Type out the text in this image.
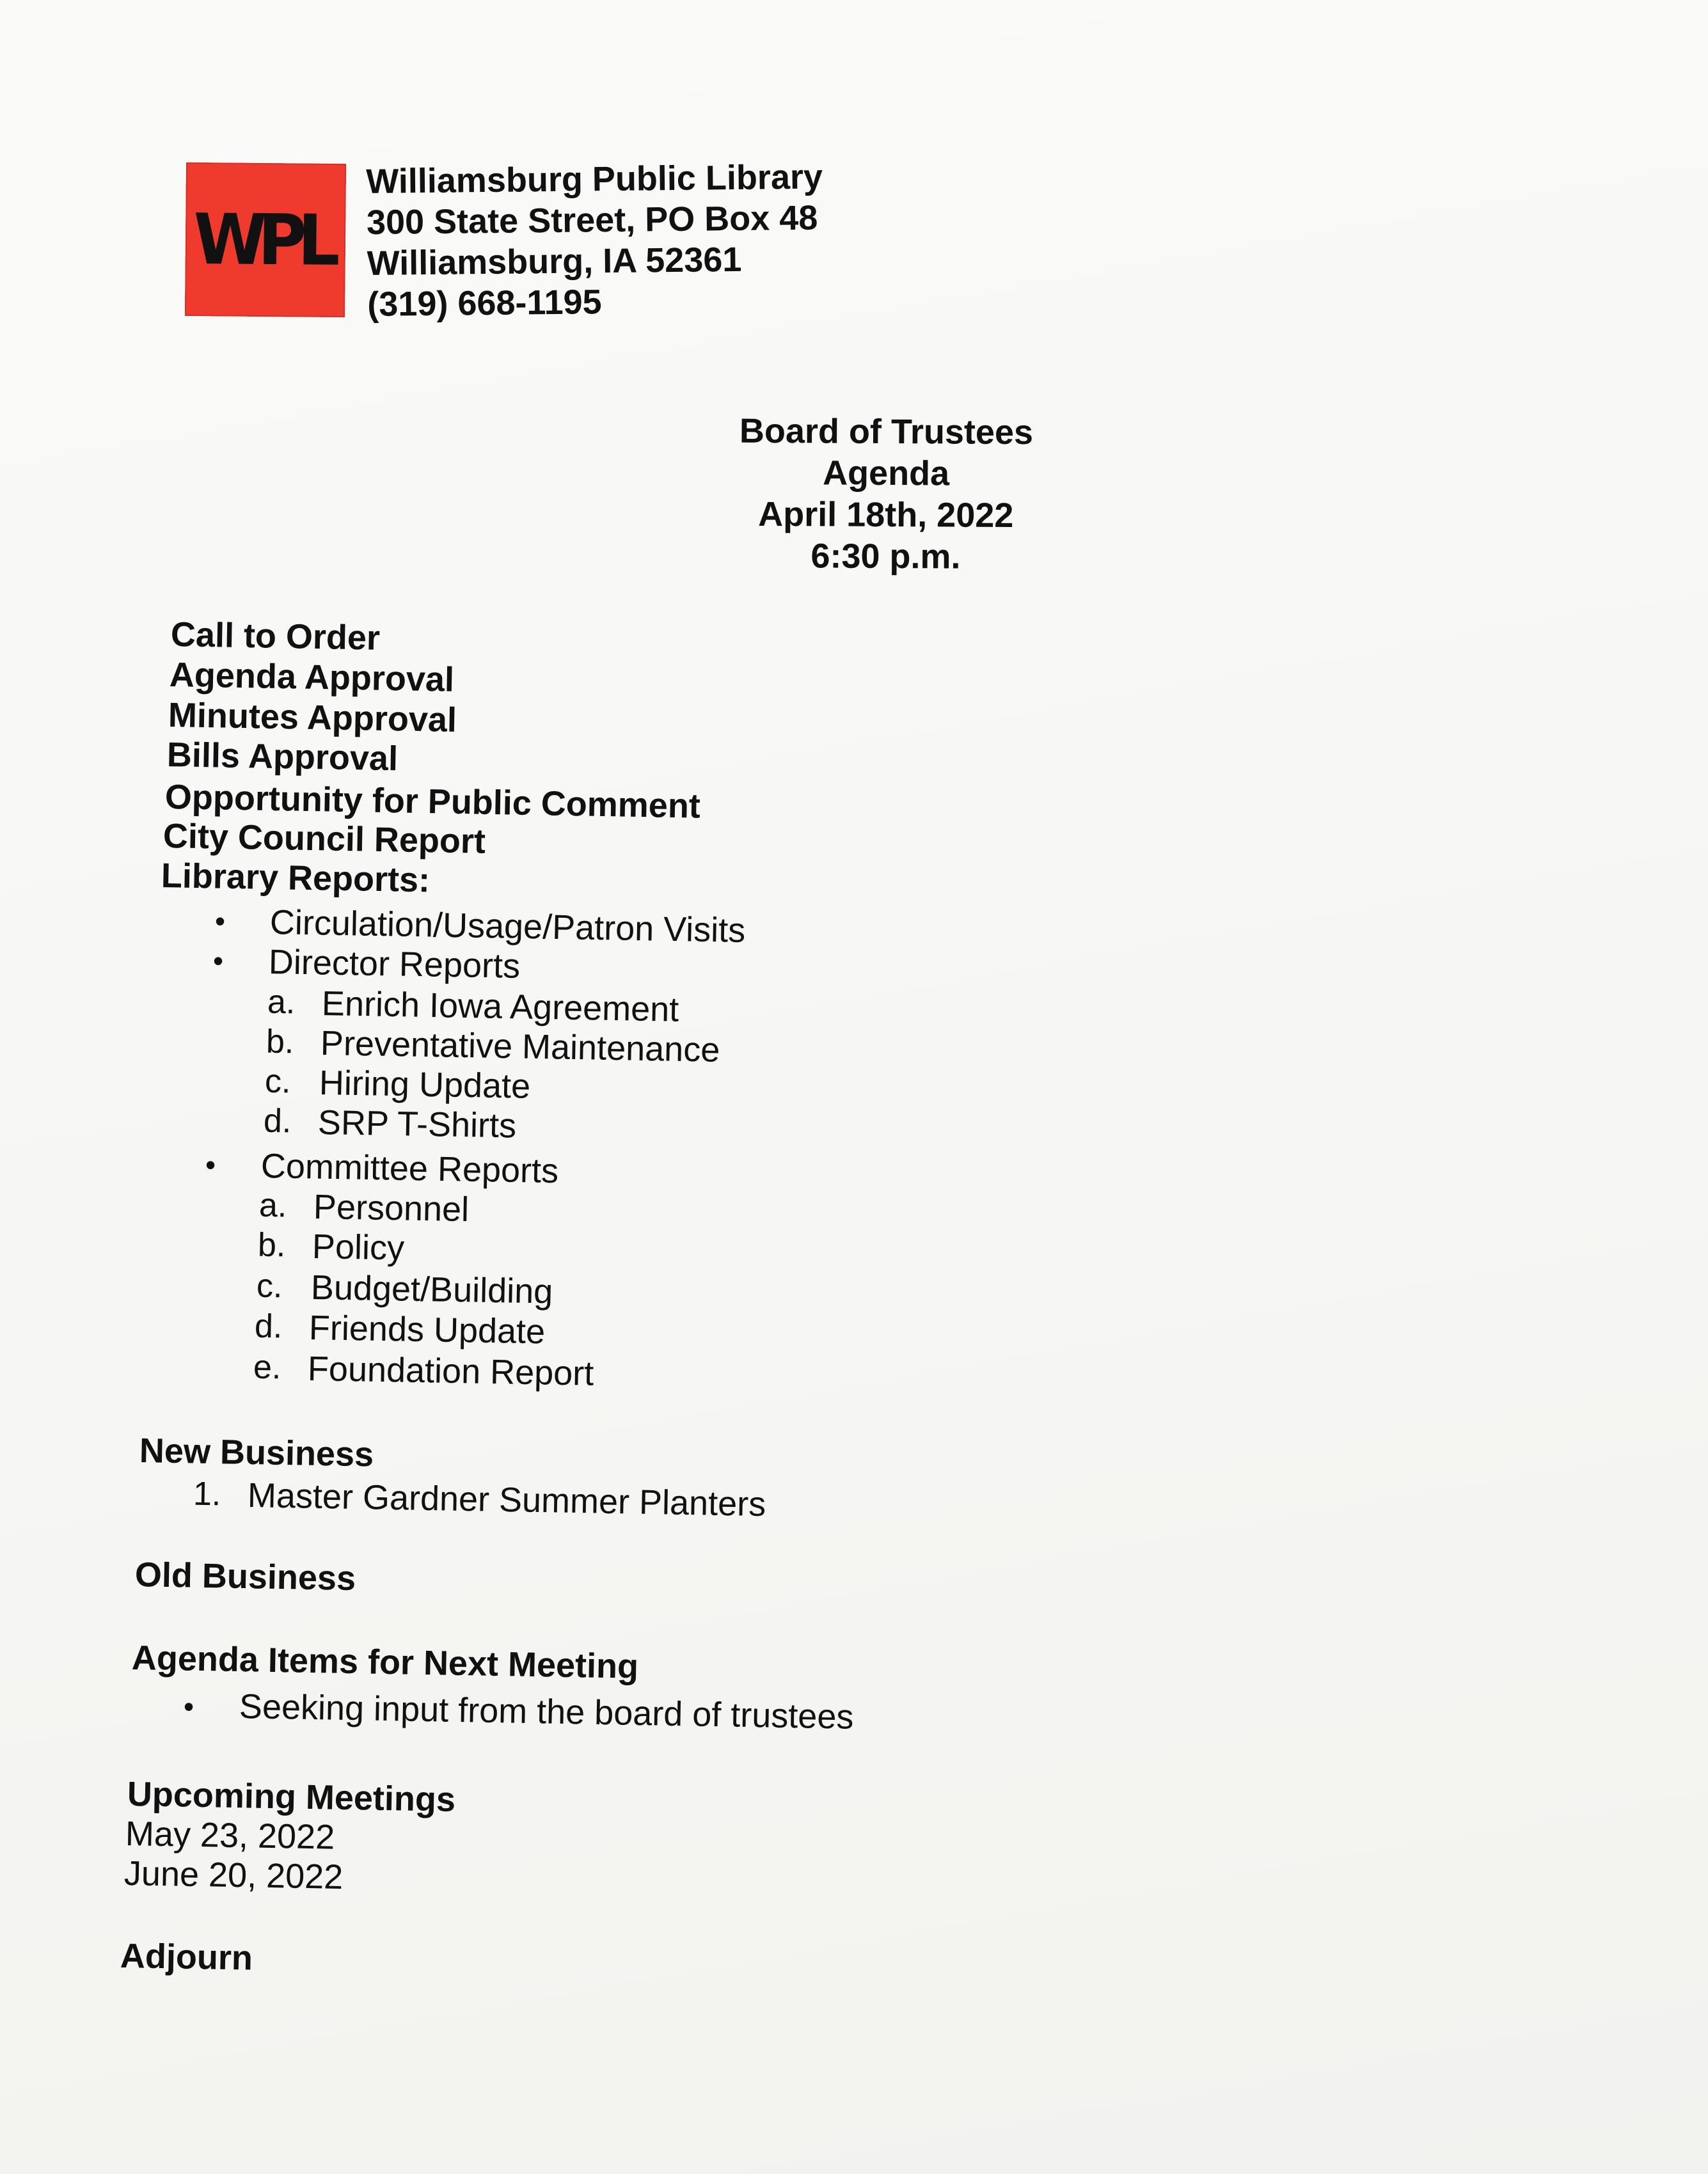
WPL
Williamsburg Public Library
300 State Street, PO Box 48
Williamsburg, IA 52361
(319) 668-1195
Board of Trustees
Agenda
April 18th, 2022
6:30 p.m.
Call to Order
Agenda Approval
Minutes Approval
Bills Approval
Opportunity for Public Comment
City Council Report
Library Reports:
• Circulation/Usage/Patron Visits
• Director Reports
a. Enrich Iowa Agreement
b. Preventative Maintenance
c. Hiring Update
d. SRP T-Shirts
• Committee Reports
a. Personnel
b. Policy
c. Budget/Building
d. Friends Update
e. Foundation Report
New Business
1. Master Gardner Summer Planters
Old Business
Agenda Items for Next Meeting
• Seeking input from the board of trustees
Upcoming Meetings
May 23, 2022
June 20, 2022
Adjourn
